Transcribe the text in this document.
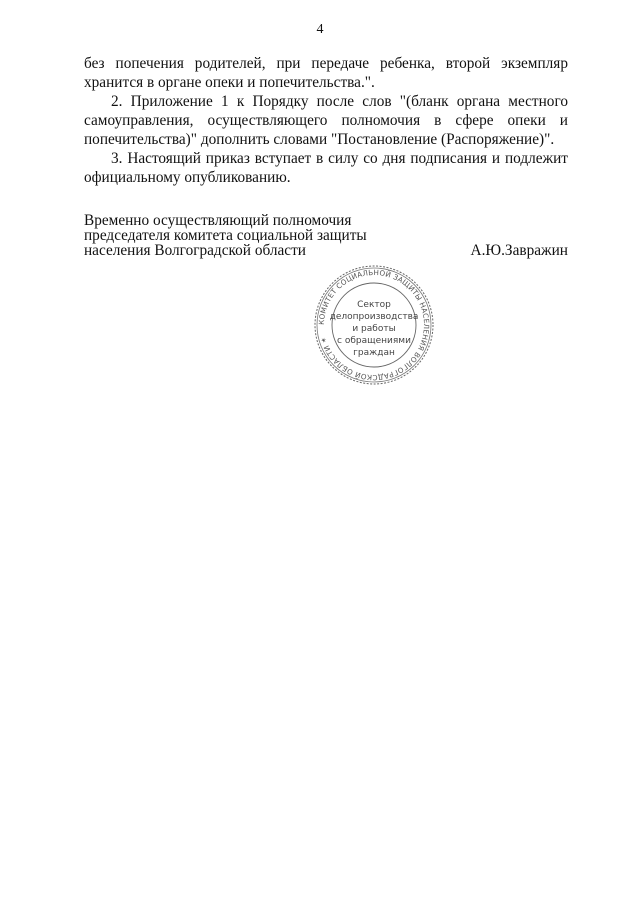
4

без попечения родителей, при передаче ребенка, второй экземпляр хранится в органе опеки и попечительства.".

2. Приложение 1 к Порядку после слов "(бланк органа местного самоуправления, осуществляющего полномочия в сфере опеки и попечительства)" дополнить словами "Постановление (Распоряжение)".

3. Настоящий приказ вступает в силу со дня подписания и подлежит официальному опубликованию.

Временно осуществляющий полномочия
председателя комитета социальной защиты
населения Волгоградской области	А.Ю.Завражин
КОМИТЕТ СОЦИАЛЬНОЙ ЗАЩИТЫ НАСЕЛЕНИЯ ВОЛГОГРАДСКОЙ ОБЛАСТИ ✶
Сектор
делопроизводства
и работы
с обращениями
граждан
